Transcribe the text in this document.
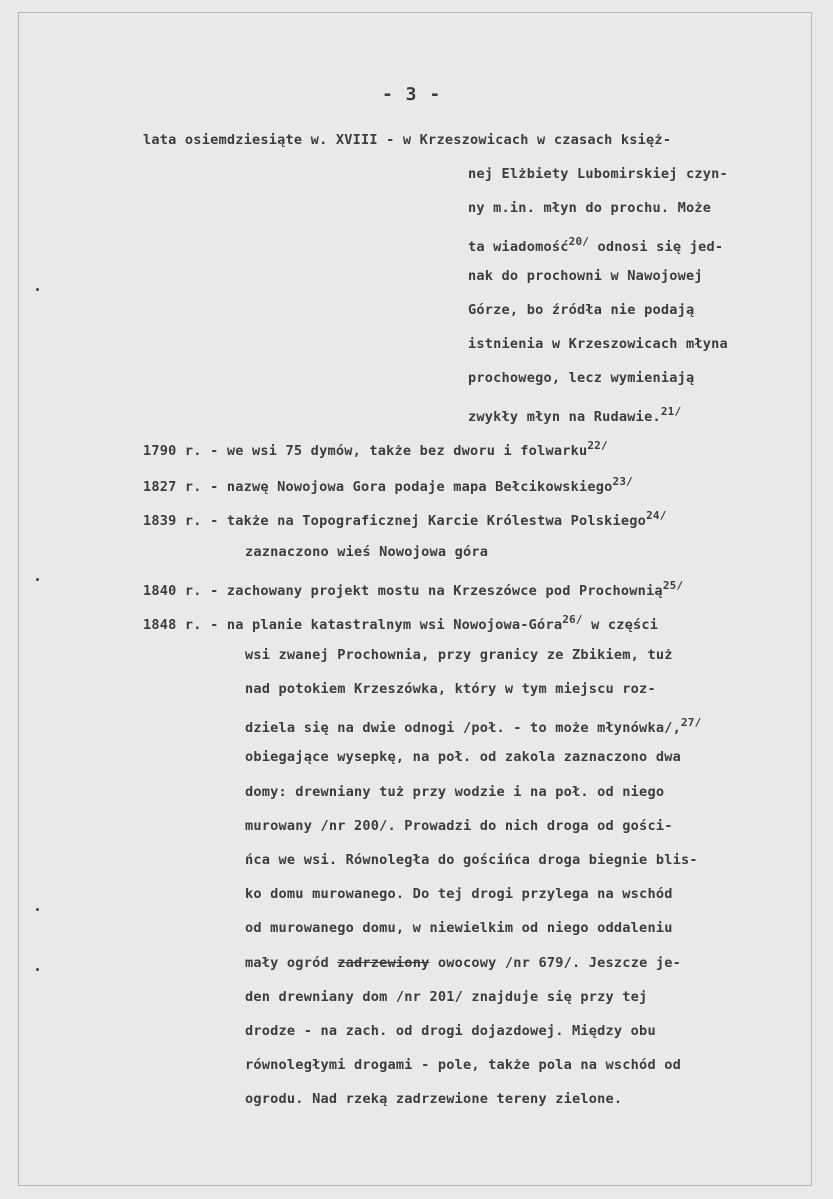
- 3 -
lata osiemdziesiąte w. XVIII - w Krzeszowicach w czasach księż-
nej Elżbiety Lubomirskiej czyn-
ny m.in. młyn do prochu. Może
ta wiadomość$^{20/}$ odnosi się jed-
nak do prochowni w Nawojowej
Górze, bo źródła nie podają
istnienia w Krzeszowicach młyna
prochowego, lecz wymieniają
zwykły młyn na Rudawie.$^{21/}$
1790 r. - we wsi 75 dymów, także bez dworu i folwarku$^{22/}$
1827 r. - nazwę Nowojowa Gora podaje mapa Bełcikowskiego$^{23/}$
1839 r. - także na Topograficznej Karcie Królestwa Polskiego$^{24/}$
zaznaczono wieś Nowojowa góra
1840 r. - zachowany projekt mostu na Krzeszówce pod Prochownią$^{25/}$
1848 r. - na planie katastralnym wsi Nowojowa-Góra$^{26/}$ w części
wsi zwanej Prochownia, przy granicy ze Zbikiem, tuż
nad potokiem Krzeszówka, który w tym miejscu roz-
dziela się na dwie odnogi /poł. - to może młynówka/,$^{27/}$
obiegające wysepkę, na poł. od zakola zaznaczono dwa
domy: drewniany tuż przy wodzie i na poł. od niego
murowany /nr 200/. Prowadzi do nich droga od gości-
ńca we wsi. Równoległa do gościńca droga biegnie blis-
ko domu murowanego. Do tej drogi przylega na wschód
od murowanego domu, w niewielkim od niego oddaleniu
mały ogród zadrzewiony owocowy /nr 679/. Jeszcze je-
den drewniany dom /nr 201/ znajduje się przy tej
drodze - na zach. od drogi dojazdowej. Między obu
równoległymi drogami - pole, także pola na wschód od
ogrodu. Nad rzeką zadrzewione tereny zielone.
